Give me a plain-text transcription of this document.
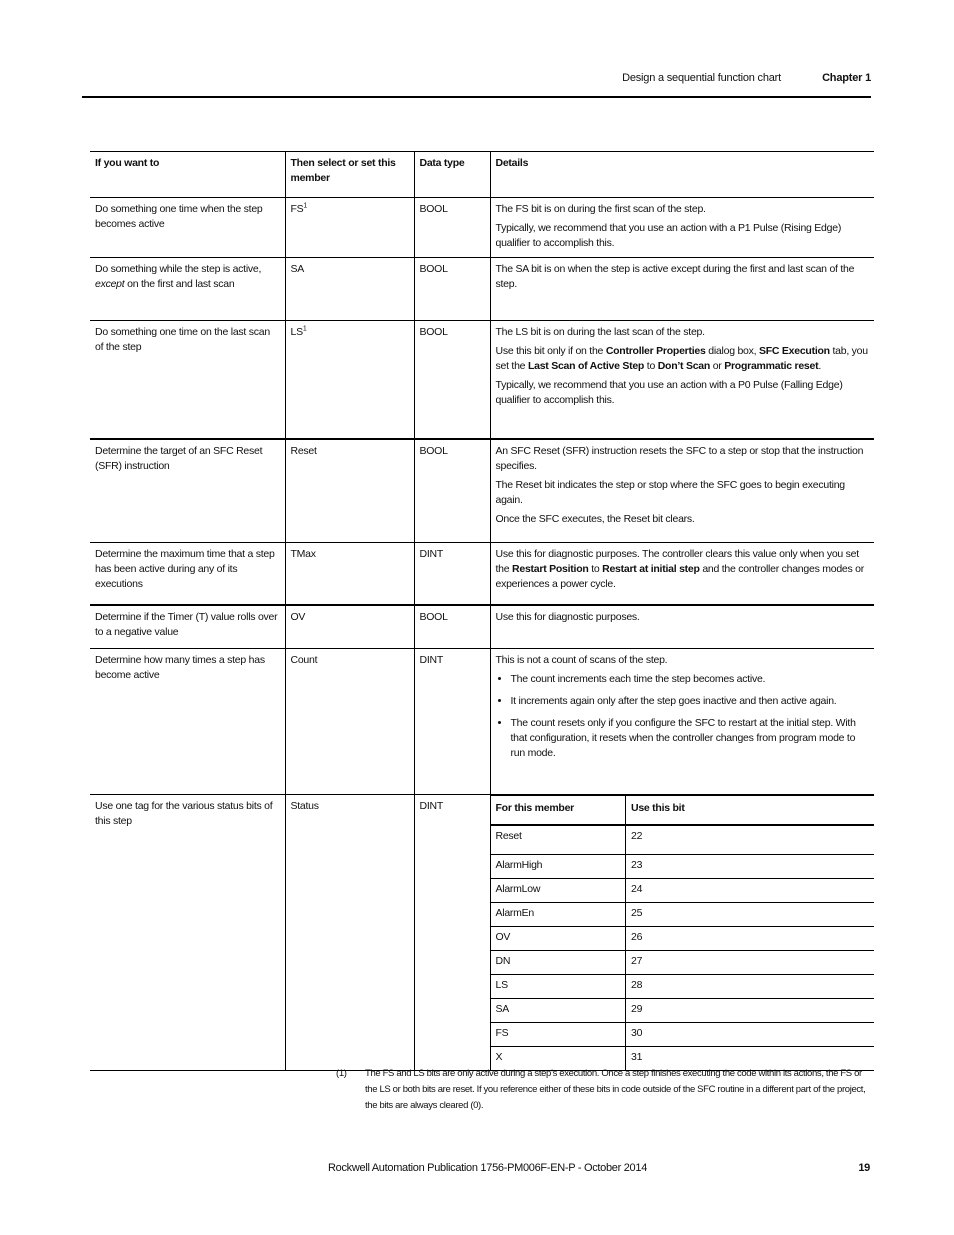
Design a sequential function chart	Chapter 1
If you want to	Then select or set this member	Data type	Details
Do something one time when the step becomes active	$FS^1$	BOOL	The FS bit is on during the first scan of the step.

Typically, we recommend that you use an action with a P1 Pulse (Rising Edge) qualifier to accomplish this.

Do something while the step is active, except on the first and last scan	SA	BOOL	The SA bit is on when the step is active except during the first and last scan of the step.

Do something one time on the last scan of the step	$LS^1$	BOOL	The LS bit is on during the last scan of the step.

Use this bit only if on the Controller Properties dialog box, SFC Execution tab, you set the Last Scan of Active Step to Don’t Scan or Programmatic reset.

Typically, we recommend that you use an action with a P0 Pulse (Falling Edge) qualifier to accomplish this.

Determine the target of an SFC Reset (SFR) instruction	Reset	BOOL	An SFC Reset (SFR) instruction resets the SFC to a step or stop that the instruction specifies.

The Reset bit indicates the step or stop where the SFC goes to begin executing again.

Once the SFC executes, the Reset bit clears.

Determine the maximum time that a step has been active during any of its executions	TMax	DINT	Use this for diagnostic purposes. The controller clears this value only when you set the Restart Position to Restart at initial step and the controller changes modes or experiences a power cycle.

Determine if the Timer (T) value rolls over to a negative value	OV	BOOL	Use this for diagnostic purposes.

Determine how many times a step has become active	Count	DINT	This is not a count of scans of the step.

• The count increments each time the step becomes active.
• It increments again only after the step goes inactive and then active again.
• The count resets only if you configure the SFC to restart at the initial step. With that configuration, it resets when the controller changes from program mode to run mode.

Use one tag for the various status bits of this step	Status	DINT		For this member	Use this bit
Reset	22
AlarmHigh	23
AlarmLow	24
AlarmEn	25
OV	26
DN	27
LS	28
SA	29
FS	30
X	31
(1) The FS and LS bits are only active during a step’s execution. Once a step finishes executing the code within its actions, the FS or the LS or both bits are reset. If you reference either of these bits in code outside of the SFC routine in a different part of the project, the bits are always cleared (0).
Rockwell Automation Publication 1756-PM006F-EN-P - October 2014	19
